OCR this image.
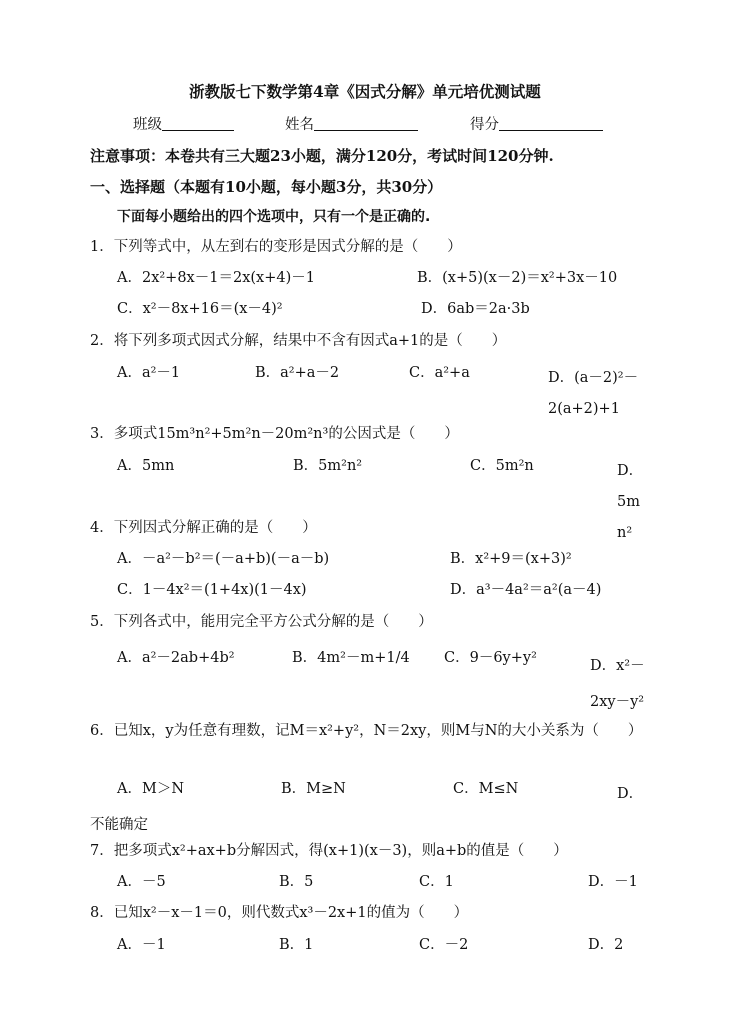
浙教版七下数学第4章《因式分解》单元培优测试题
班级	姓名	得分
注意事项：本卷共有三大题23小题，满分120分，考试时间120分钟.
一、选择题（本题有10小题，每小题3分，共30分）
下面每小题给出的四个选项中，只有一个是正确的.
1．下列等式中，从左到右的变形是因式分解的是（　　）
A．2x²+8x－1＝2x(x+4)－1	B．(x+5)(x－2)＝x²+3x－10
C．x²－8x+16＝(x－4)²	D．6ab＝2a·3b
2．将下列多项式因式分解，结果中不含有因式a+1的是（　　）
A．a²－1	B．a²+a－2	C．a²+a	D．(a－2)²－2(a+2)+1
3．多项式15m³n²+5m²n－20m²n³的公因式是（　　）
A．5mn	B．5m²n²	C．5m²n	D．5mn²
4．下列因式分解正确的是（　　）
A．－a²－b²＝(－a+b)(－a－b)	B．x²+9＝(x+3)²
C．1－4x²＝(1+4x)(1－4x)	D．a³－4a²＝a²(a－4)
5．下列各式中，能用完全平方公式分解的是（　　）
A．a²－2ab+4b²	B．4m²－m+1/4 C．9－6y+y²	D．x²－2xy－y²
6．已知x，y为任意有理数，记M＝x²+y²，N＝2xy，则M与N的大小关系为（　　）
A．M＞N	B．M≥N	C．M≤N	D．不能确定
7．把多项式x²+ax+b分解因式，得(x+1)(x－3)，则a+b的值是（　　）
A．－5	B．5	C．1	D．－1
8．已知x²－x－1＝0，则代数式x³－2x+1的值为（　　）
A．－1	B．1	C．－2	D．2
